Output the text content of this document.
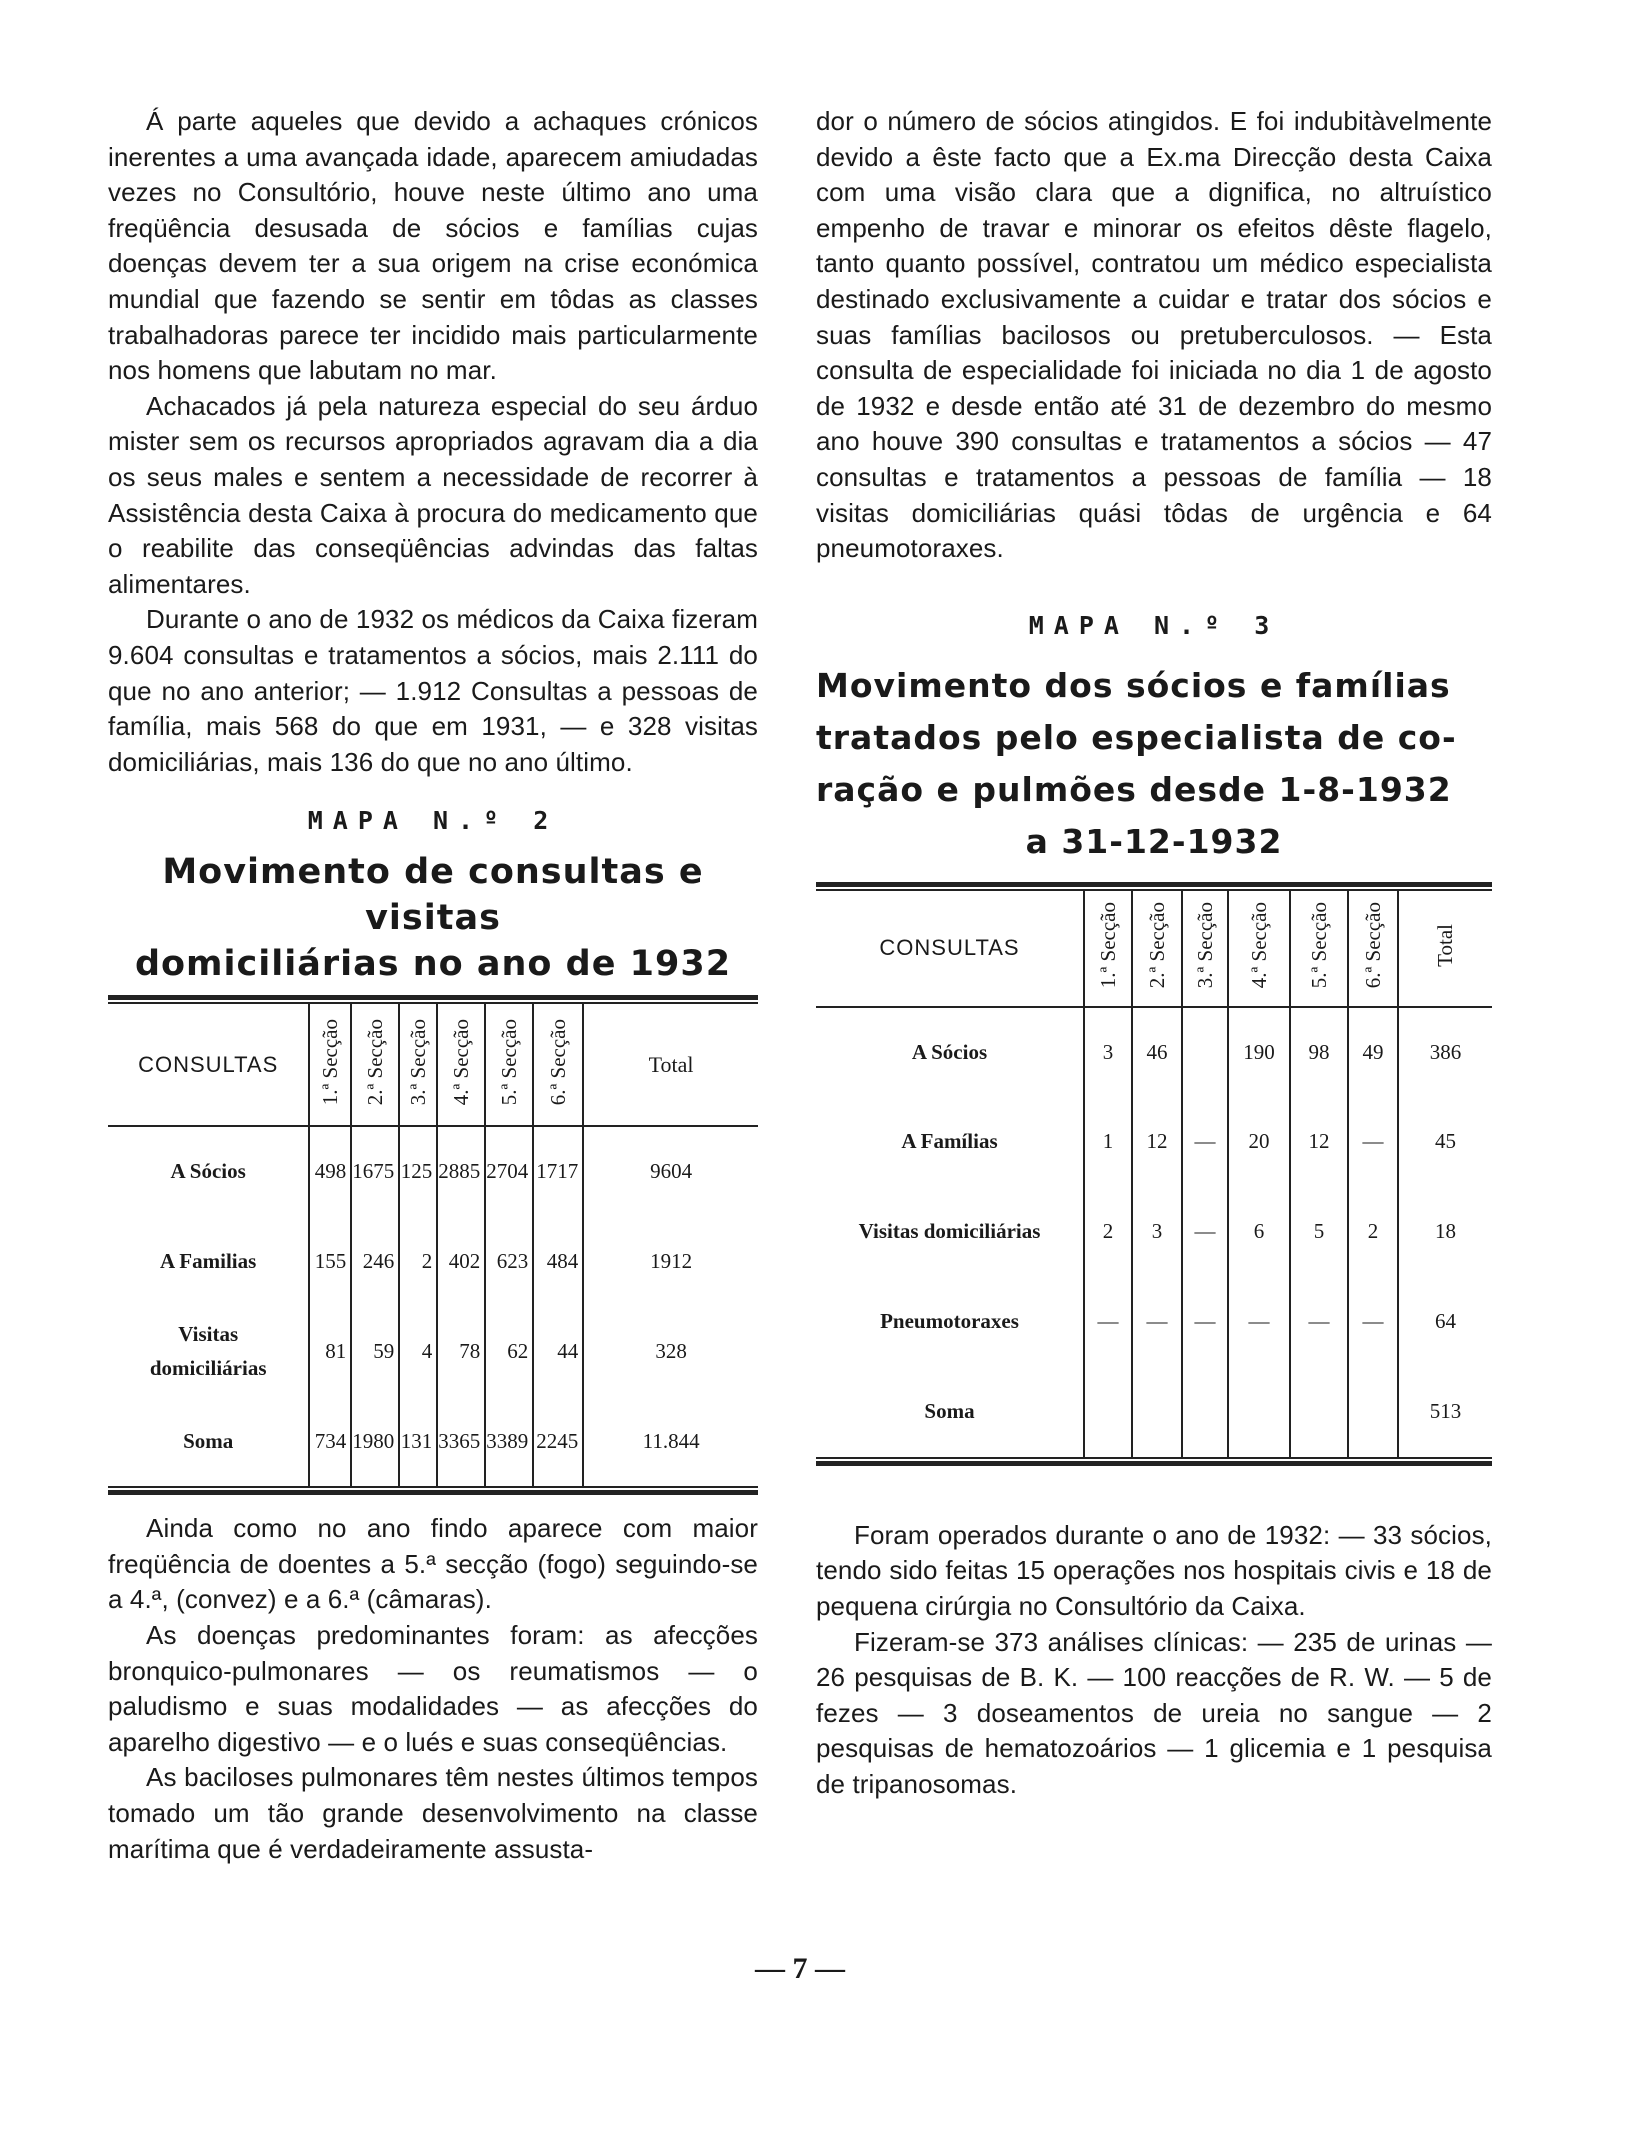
Á parte aqueles que devido a achaques crónicos inerentes a uma avançada idade, aparecem amiudadas vezes no Consultório, houve neste último ano uma freqüência desusada de sócios e famílias cujas doenças devem ter a sua origem na crise económica mundial que fazendo se sentir em tôdas as classes trabalhadoras parece ter incidido mais particularmente nos homens que labutam no mar.

Achacados já pela natureza especial do seu árduo mister sem os recursos apropriados agravam dia a dia os seus males e sentem a necessidade de recorrer à Assistência desta Caixa à procura do medicamento que o reabilite das conseqüências advindas das faltas alimentares.

Durante o ano de 1932 os médicos da Caixa fizeram 9.604 consultas e tratamentos a sócios, mais 2.111 do que no ano anterior; — 1.912 Consultas a pessoas de família, mais 568 do que em 1931, — e 328 visitas domiciliárias, mais 136 do que no ano último.

MAPA N.º 2

Movimento de consultas e visitas

domiciliárias no ano de 1932

CONSULTAS	1.ª Secção	2.ª Secção	3.ª Secção	4.ª Secção	5.ª Secção	6.ª Secção	Total
A Sócios	498	1675	125	2885	2704	1717	9604
A Familias	155	246	2	402	623	484	1912
Visitas
domiciliárias	81	59	4	78	62	44	328
Soma	734	1980	131	3365	3389	2245	11.844

Ainda como no ano findo aparece com maior freqüência de doentes a 5.ª secção (fogo) seguindo-se a 4.ª, (convez) e a 6.ª (câmaras).

As doenças predominantes foram: as afecções bronquico-pulmonares — os reumatismos — o paludismo e suas modalidades — as afecções do aparelho digestivo — e o lués e suas conseqüências.

As baciloses pulmonares têm nestes últimos tempos tomado um tão grande desenvolvimento na classe marítima que é verdadeiramente assusta-

dor o número de sócios atingidos. E foi indubitàvelmente devido a êste facto que a Ex.ma Direcção desta Caixa com uma visão clara que a dignifica, no altruístico empenho de travar e minorar os efeitos dêste flagelo, tanto quanto possível, contratou um médico especialista destinado exclusivamente a cuidar e tratar dos sócios e suas famílias bacilosos ou pretuberculosos. — Esta consulta de especialidade foi iniciada no dia 1 de agosto de 1932 e desde então até 31 de dezembro do mesmo ano houve 390 consultas e tratamentos a sócios — 47 consultas e tratamentos a pessoas de família — 18 visitas domiciliárias quási tôdas de urgência e 64 pneumotoraxes.

MAPA N.º 3

Movimento dos sócios e famílias

tratados pelo especialista de co-

ração e pulmões desde 1-8-1932

a 31-12-1932

CONSULTAS	1.ª Secção	2.ª Secção	3.ª Secção	4.ª Secção	5.ª Secção	6.ª Secção	Total
A Sócios	3	46		190	98	49	386
A Famílias	1	12	—	20	12	—	45
Visitas domiciliárias	2	3	—	6	5	2	18
Pneumotoraxes	—	—	—	—	—	—	64
Soma							513

Foram operados durante o ano de 1932: — 33 sócios, tendo sido feitas 15 operações nos hospitais civis e 18 de pequena cirúrgia no Consultório da Caixa.

Fizeram-se 373 análises clínicas: — 235 de urinas — 26 pesquisas de B. K. — 100 reacções de R. W. — 5 de fezes — 3 doseamentos de ureia no sangue — 2 pesquisas de hematozoários — 1 glicemia e 1 pesquisa de tripanosomas.

— 7 —
